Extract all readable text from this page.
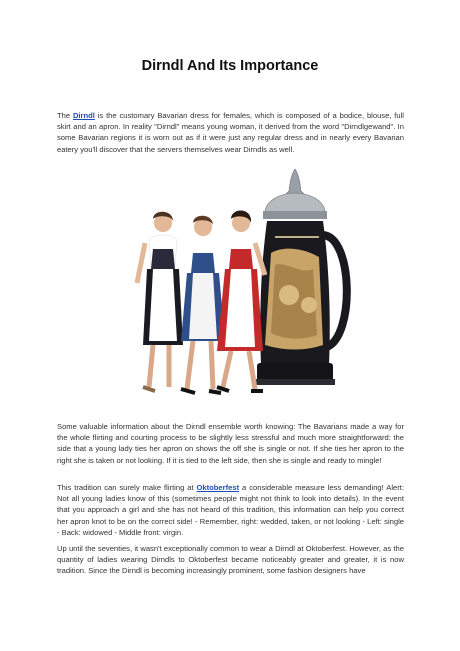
Dirndl And Its Importance

The Dirndl is the customary Bavarian dress for females, which is composed of a bodice, blouse, full skirt and an apron. In reality "Dirndl" means young woman, it derived from the word "Dirndlgewand". In some Bavarian regions it is worn out as if it were just any regular dress and in nearly every Bavarian eatery you'll discover that the servers themselves wear Dirndls as well.

Some valuable information about the Dirndl ensemble worth knowing: The Bavarians made a way for the whole flirting and courting process to be slightly less stressful and much more straightforward: the side that a young lady ties her apron on shows the off she is single or not. If she ties her apron to the right she is taken or not looking. If it is tied to the left side, then she is single and ready to mingle!

This tradition can surely make flirting at Oktoberfest a considerable measure less demanding! Alert: Not all young ladies know of this (sometimes people might not think to look into details). In the event that you approach a girl and she has not heard of this tradition, this information can help you correct her apron knot to be on the correct side! - Remember, right: wedded, taken, or not looking - Left: single - Back: widowed - Middle front: virgin.

Up until the seventies, it wasn't exceptionally common to wear a Dirndl at Oktoberfest. However, as the quantity of ladies wearing Dirndls to Oktoberfest became noticeably greater and greater, it is now tradition. Since the Dirndl is becoming increasingly prominent, some fashion designers have
